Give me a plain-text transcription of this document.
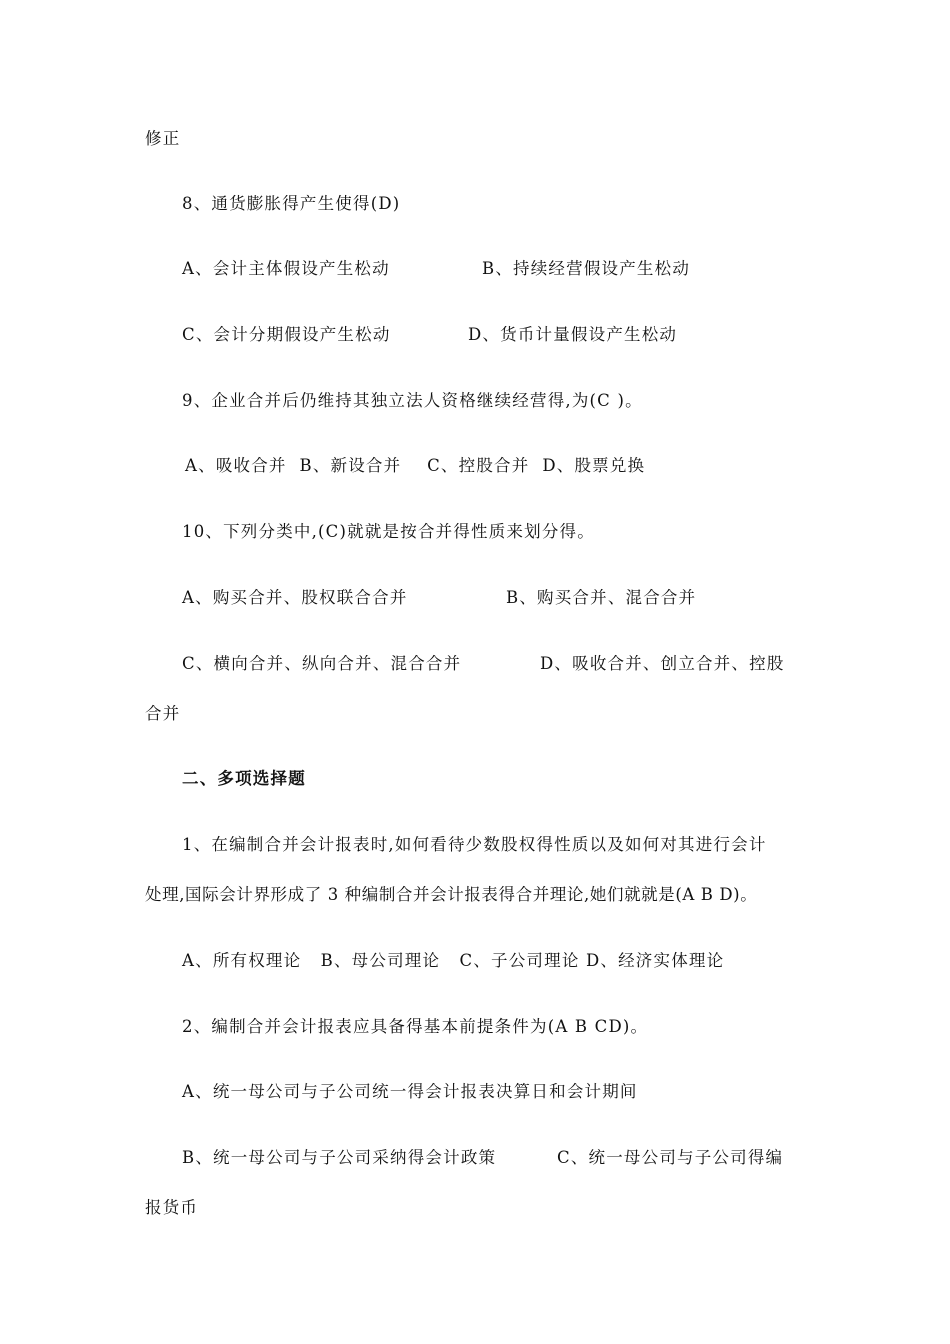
修正
8、通货膨胀得产生使得(D)
A、会计主体假设产生松动	B、持续经营假设产生松动
C、会计分期假设产生松动	D、货币计量假设产生松动
9、企业合并后仍维持其独立法人资格继续经营得,为(C )。
A、吸收合并  B、新设合并    C、控股合并  D、股票兑换
10、下列分类中,(C)就就是按合并得性质来划分得。
A、购买合并、股权联合合并	B、购买合并、混合合并
C、横向合并、纵向合并、混合合并	D、吸收合并、创立合并、控股
合并
二、多项选择题
1、在编制合并会计报表时,如何看待少数股权得性质以及如何对其进行会计
处理,国际会计界形成了 3 种编制合并会计报表得合并理论,她们就就是(A B D)。
A、所有权理论   B、母公司理论   C、子公司理论 D、经济实体理论
2、编制合并会计报表应具备得基本前提条件为(A B CD)。
A、统一母公司与子公司统一得会计报表决算日和会计期间
B、统一母公司与子公司采纳得会计政策	C、统一母公司与子公司得编
报货币
